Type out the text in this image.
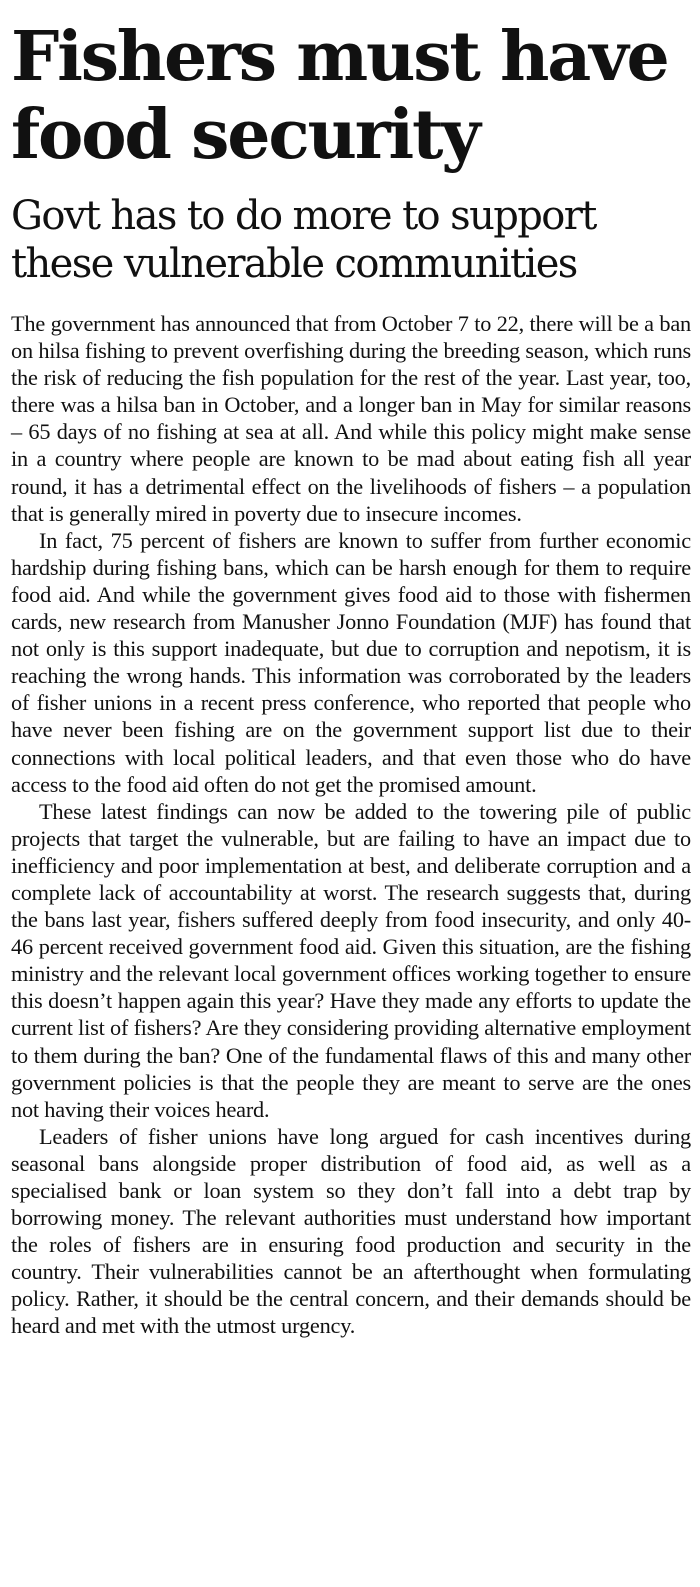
Fishers must have
food security
Govt has to do more to support
these vulnerable communities

The government has announced that from October 7 to 22, there will be a ban on hilsa fishing to prevent overfishing during the breeding season, which runs the risk of reducing the fish population for the rest of the year. Last year, too, there was a hilsa ban in October, and a longer ban in May for similar reasons – 65 days of no fishing at sea at all. And while this policy might make sense in a country where people are known to be mad about eating fish all year round, it has a detrimental effect on the livelihoods of fishers – a population that is generally mired in poverty due to insecure incomes.

In fact, 75 percent of fishers are known to suffer from further economic hardship during fishing bans, which can be harsh enough for them to require food aid. And while the government gives food aid to those with fishermen cards, new research from Manusher Jonno Foundation (MJF) has found that not only is this support inadequate, but due to corruption and nepotism, it is reaching the wrong hands. This information was corroborated by the leaders of fisher unions in a recent press conference, who reported that people who have never been fishing are on the government support list due to their connections with local political leaders, and that even those who do have access to the food aid often do not get the promised amount.

These latest findings can now be added to the towering pile of public projects that target the vulnerable, but are failing to have an impact due to inefficiency and poor implementation at best, and deliberate corruption and a complete lack of accountability at worst. The research suggests that, during the bans last year, fishers suffered deeply from food insecurity, and only 40-46 percent received government food aid. Given this situation, are the fishing ministry and the relevant local government offices working together to ensure this doesn’t happen again this year? Have they made any efforts to update the current list of fishers? Are they considering providing alternative employment to them during the ban? One of the fundamental flaws of this and many other government policies is that the people they are meant to serve are the ones not having their voices heard.

Leaders of fisher unions have long argued for cash incentives during seasonal bans alongside proper distribution of food aid, as well as a specialised bank or loan system so they don’t fall into a debt trap by borrowing money. The relevant authorities must understand how important the roles of fishers are in ensuring food production and security in the country. Their vulnerabilities cannot be an afterthought when formulating policy. Rather, it should be the central concern, and their demands should be heard and met with the utmost urgency.
